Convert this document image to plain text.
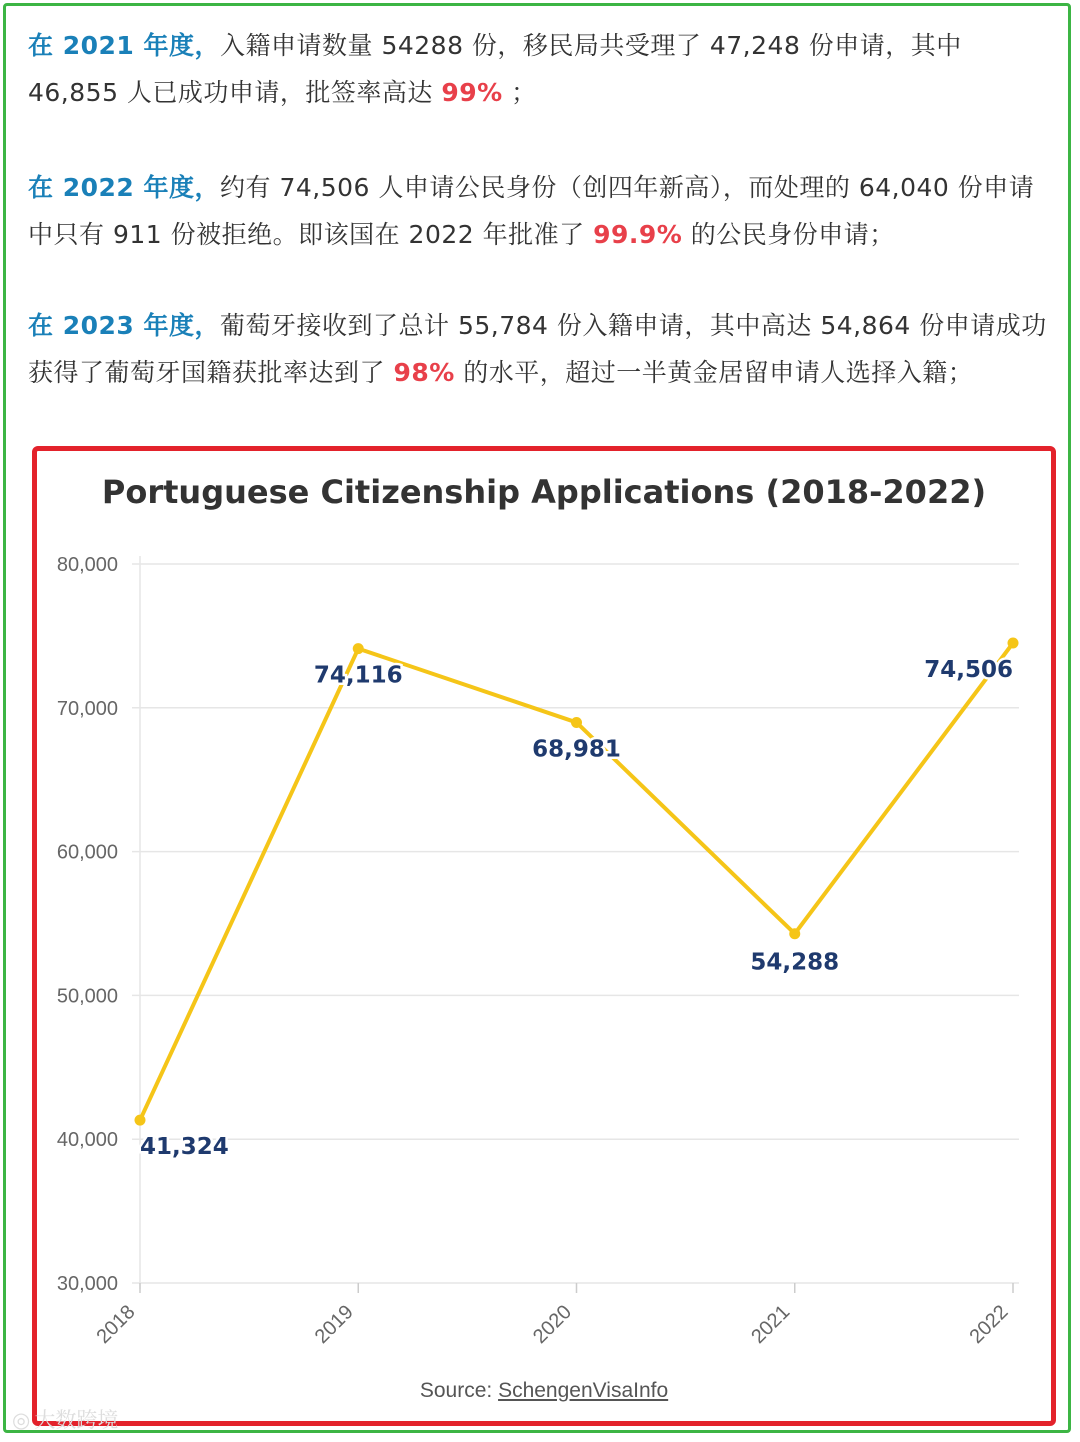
在 2021 年度，入籍申请数量 54288 份，移民局共受理了 47,248 份申请，其中 46,855 人已成功申请，批签率高达 99% ；
在 2022 年度，约有 74,506 人申请公民身份（创四年新高），而处理的 64,040 份申请中只有 911 份被拒绝。即该国在 2022 年批准了 99.9% 的公民身份申请；
在 2023 年度，葡萄牙接收到了总计 55,784 份入籍申请，其中高达 54,864 份申请成功获得了葡萄牙国籍获批率达到了 98% 的水平，超过一半黄金居留申请人选择入籍；
Portuguese Citizenship Applications (2018-2022)
30,000
40,000
50,000
60,000
70,000
80,000
2018	2019	2020	2021	2022
41,324
74,116
68,981
54,288
74,506
Source: SchengenVisaInfo
◎ 大数跨境
